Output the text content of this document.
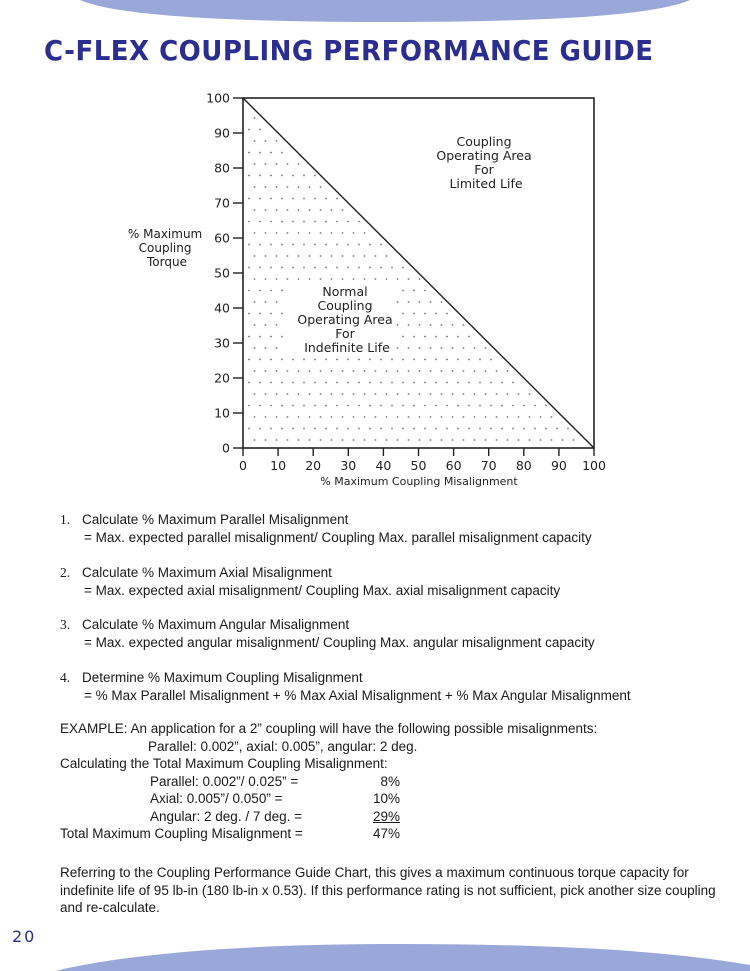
C-FLEX COUPLING PERFORMANCE GUIDE
0
10
20
30
40
50
60
70
80
90
100
0 10 20 30 40 50 60 70 80 90 100
% Maximum Coupling Misalignment
% Maximum Coupling Torque
Normal Coupling Operating Area For Indefinite Life
Coupling Operating Area For Limited Life
1. Calculate % Maximum Parallel Misalignment
= Max. expected parallel misalignment/ Coupling Max. parallel misalignment capacity
2. Calculate % Maximum Axial Misalignment
= Max. expected axial misalignment/ Coupling Max. axial misalignment capacity
3. Calculate % Maximum Angular Misalignment
= Max. expected angular misalignment/ Coupling Max. angular misalignment capacity
4. Determine % Maximum Coupling Misalignment
= % Max Parallel Misalignment + % Max Axial Misalignment + % Max Angular Misalignment
EXAMPLE: An application for a 2” coupling will have the following possible misalignments:
Parallel: 0.002”, axial: 0.005”, angular: 2 deg.
Calculating the Total Maximum Coupling Misalignment:
Parallel: 0.002”/ 0.025” =	8%
Axial: 0.005”/ 0.050” =	10%
Angular: 2 deg. / 7 deg. =	29%
Total Maximum Coupling Misalignment =	47%

Referring to the Coupling Performance Guide Chart, this gives a maximum continuous torque capacity for indefinite life of 95 lb-in (180 lb-in x 0.53). If this performance rating is not sufficient, pick another size coupling and re-calculate.

20
